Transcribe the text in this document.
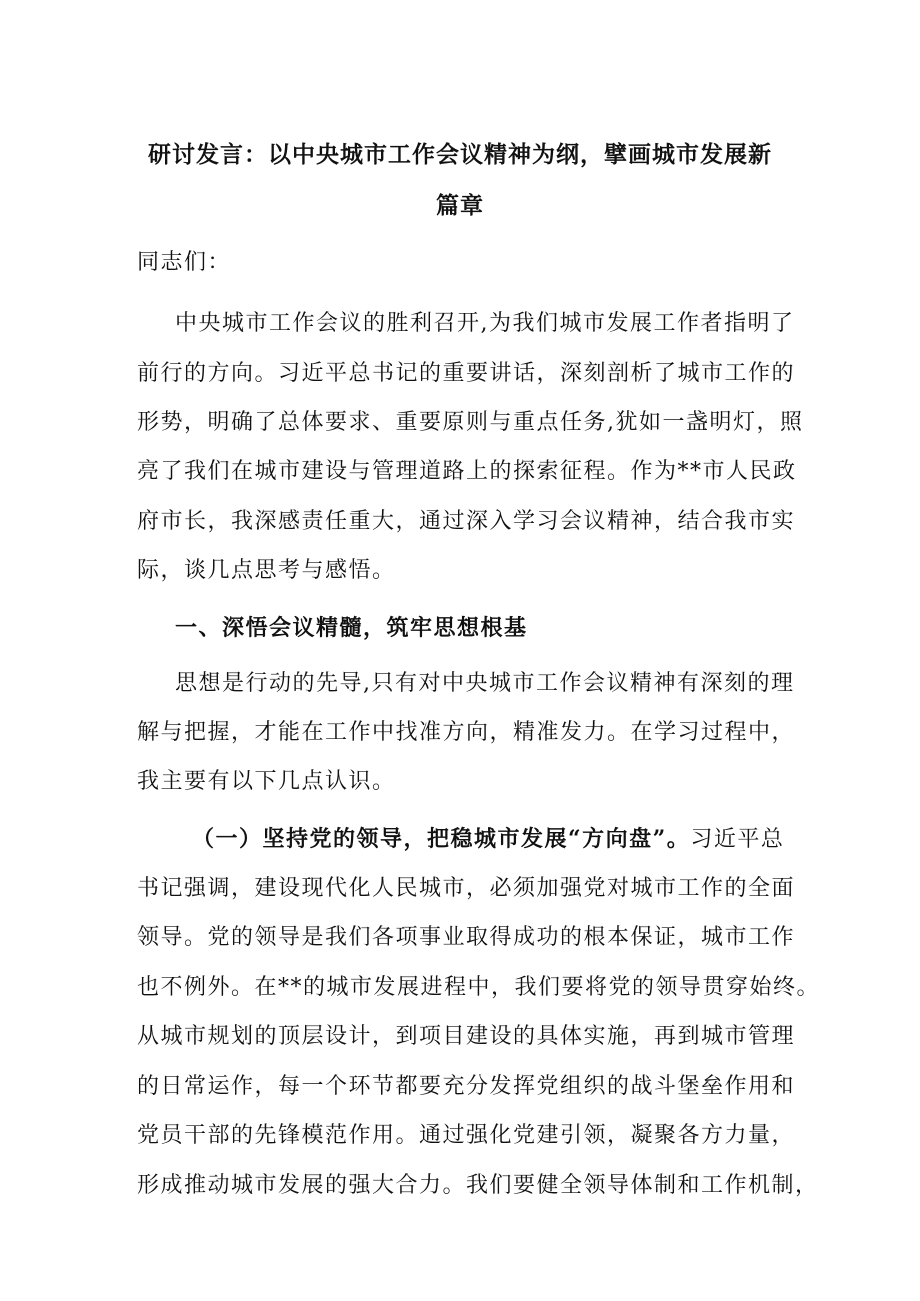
研讨发言：以中央城市工作会议精神为纲，擘画城市发展新
篇章
同志们：
中央城市工作会议的胜利召开,为我们城市发展工作者指明了
前行的方向。习近平总书记的重要讲话，深刻剖析了城市工作的
形势，明确了总体要求、重要原则与重点任务,犹如一盏明灯，照
亮了我们在城市建设与管理道路上的探索征程。作为**市人民政
府市长，我深感责任重大，通过深入学习会议精神，结合我市实
际，谈几点思考与感悟。
一、深悟会议精髓，筑牢思想根基
思想是行动的先导,只有对中央城市工作会议精神有深刻的理
解与把握，才能在工作中找准方向，精准发力。在学习过程中，
我主要有以下几点认识。
（一）坚持党的领导，把稳城市发展“方向盘”。习近平总
书记强调，建设现代化人民城市，必须加强党对城市工作的全面
领导。党的领导是我们各项事业取得成功的根本保证，城市工作
也不例外。在**的城市发展进程中，我们要将党的领导贯穿始终。
从城市规划的顶层设计，到项目建设的具体实施，再到城市管理
的日常运作，每一个环节都要充分发挥党组织的战斗堡垒作用和
党员干部的先锋模范作用。通过强化党建引领，凝聚各方力量，
形成推动城市发展的强大合力。我们要健全领导体制和工作机制，
